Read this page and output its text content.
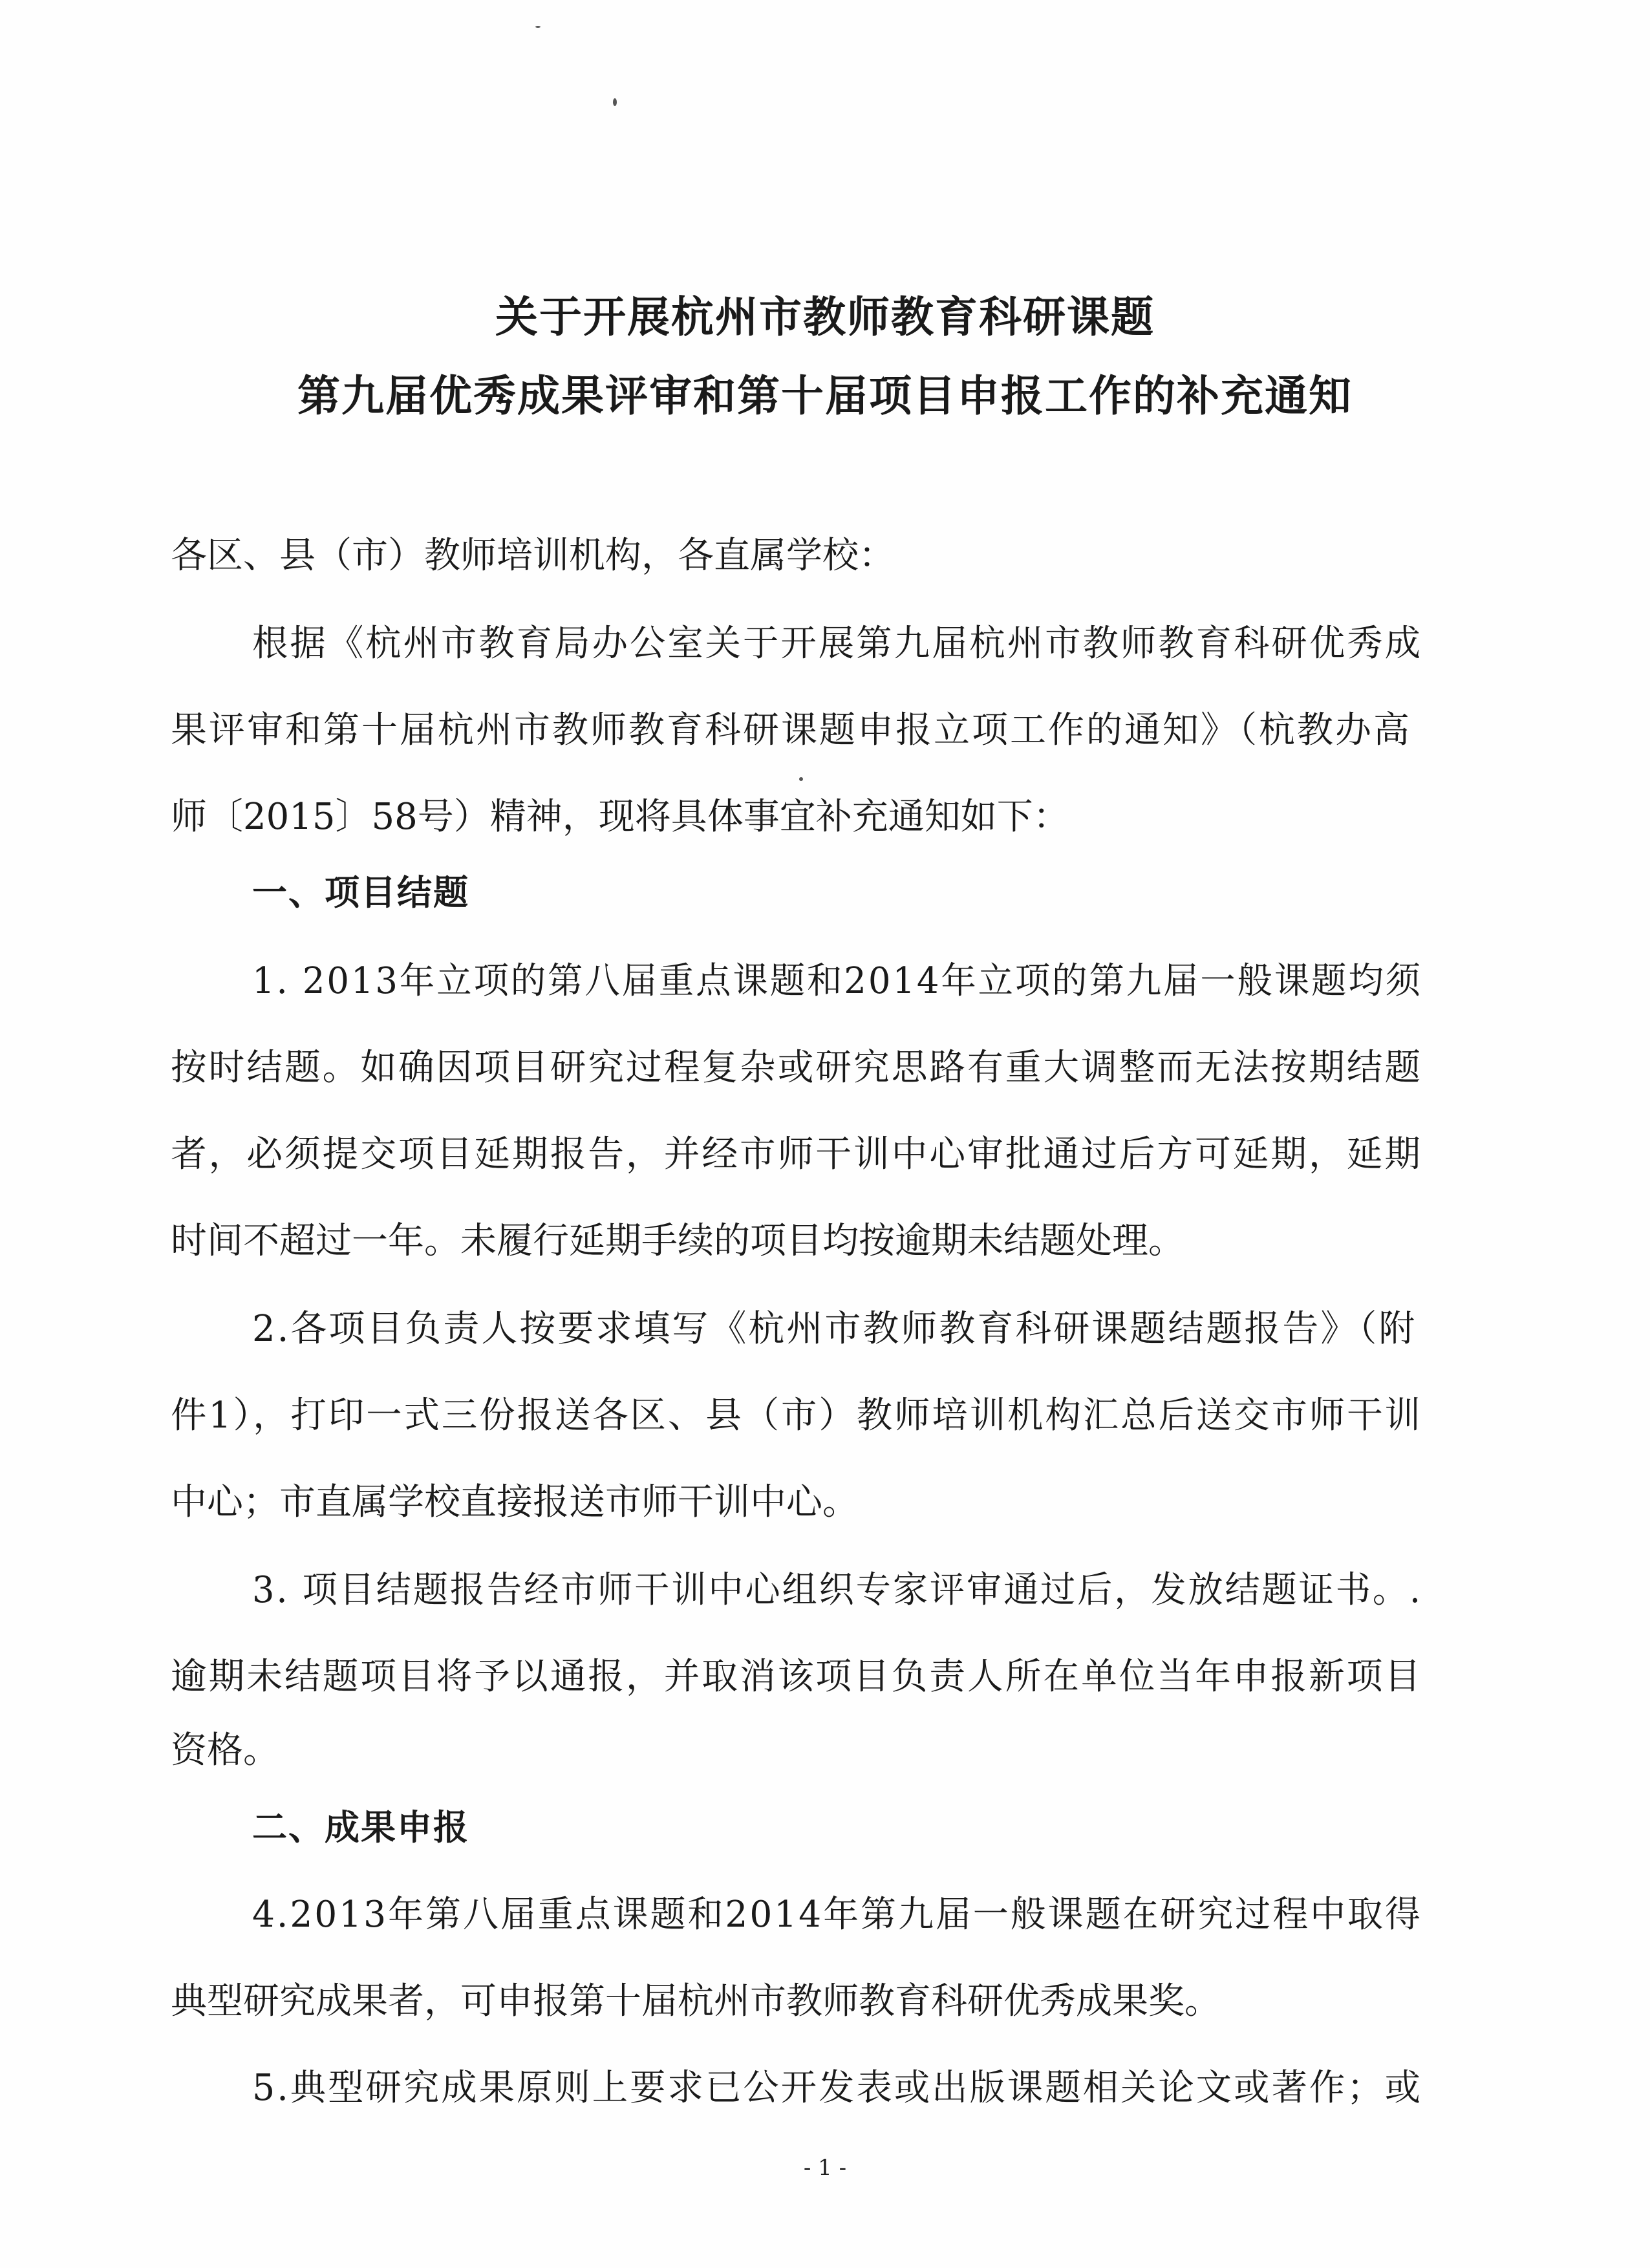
关于开展杭州市教师教育科研课题
第九届优秀成果评审和第十届项目申报工作的补充通知
各区、县（市）教师培训机构，各直属学校：
根据《杭州市教育局办公室关于开展第九届杭州市教师教育科研优秀成
果评审和第十届杭州市教师教育科研课题申报立项工作的通知》（杭教办高
师〔2015〕58号）精神，现将具体事宜补充通知如下：
一、项目结题
1. 2013年立项的第八届重点课题和2014年立项的第九届一般课题均须
按时结题。如确因项目研究过程复杂或研究思路有重大调整而无法按期结题
者，必须提交项目延期报告，并经市师干训中心审批通过后方可延期，延期
时间不超过一年。未履行延期手续的项目均按逾期未结题处理。
2.各项目负责人按要求填写《杭州市教师教育科研课题结题报告》（附
件1），打印一式三份报送各区、县（市）教师培训机构汇总后送交市师干训
中心；市直属学校直接报送市师干训中心。
3. 项目结题报告经市师干训中心组织专家评审通过后，发放结题证书。.
逾期未结题项目将予以通报，并取消该项目负责人所在单位当年申报新项目
资格。
二、成果申报
4.2013年第八届重点课题和2014年第九届一般课题在研究过程中取得
典型研究成果者，可申报第十届杭州市教师教育科研优秀成果奖。
5.典型研究成果原则上要求已公开发表或出版课题相关论文或著作；或
- 1 -
